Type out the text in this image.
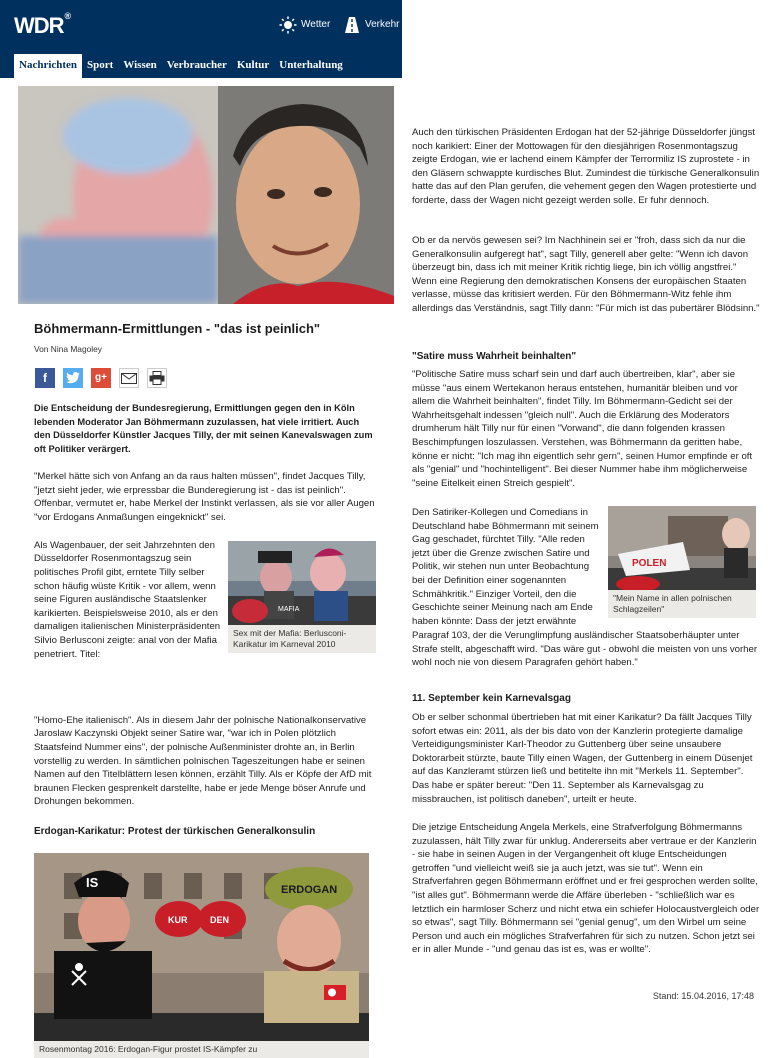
WDR®
Wetter	Verkehr
Nachrichten Sport Wissen Verbraucher Kultur Unterhaltung
Böhmermann-Ermittlungen - "das ist peinlich"
Von Nina Magoley
f	g+
Die Entscheidung der Bundesregierung, Ermittlungen gegen den in Köln lebenden Moderator Jan Böhmermann zuzulassen, hat viele irritiert. Auch den Düsseldorfer Künstler Jacques Tilly, der mit seinen Kanevalswagen zum oft Politiker verärgert.

"Merkel hätte sich von Anfang an da raus halten müssen", findet Jacques Tilly, "jetzt sieht jeder, wie erpressbar die Bunderegierung ist - das ist peinlich". Offenbar, vermutet er, habe Merkel der Instinkt verlassen, als sie vor aller Augen "vor Erdogans Anmaßungen eingeknickt" sei.

Als Wagenbauer, der seit Jahrzehnten den Düsseldorfer Rosenmontagszug sein politisches Profil gibt, erntete Tilly selber schon häufig wüste Kritik - vor allem, wenn seine Figuren ausländische Staatslenker karikierten. Beispielsweise 2010, als er den damaligen italienischen Ministerpräsidenten Silvio Berlusconi zeigte: anal von der Mafia penetriert. Titel:

MAFIA
Sex mit der Mafia: Berlusconi-Karikatur im Karneval 2010

"Homo-Ehe italienisch". Als in diesem Jahr der polnische Nationalkonservative Jaroslaw Kaczynski Objekt seiner Satire war, "war ich in Polen plötzlich Staatsfeind Nummer eins", der polnische Außenminister drohte an, in Berlin vorstellig zu werden. In sämtlichen polnischen Tageszeitungen habe er seinen Namen auf den Titelblättern lesen können, erzählt Tilly. Als er Köpfe der AfD mit braunen Flecken gesprenkelt darstellte, habe er jede Menge böser Anrufe und Drohungen bekommen.

Erdogan-Karikatur: Protest der türkischen Generalkonsulin
IS
KUR	DEN
ERDOGAN
Rosenmontag 2016: Erdogan-Figur prostet IS-Kämpfer zu

Auch den türkischen Präsidenten Erdogan hat der 52-jährige Düsseldorfer jüngst noch karikiert: Einer der Mottowagen für den diesjährigen Rosenmontagszug zeigte Erdogan, wie er lachend einem Kämpfer der Terrormiliz IS zuprostete - in den Gläsern schwappte kurdisches Blut. Zumindest die türkische Generalkonsulin hatte das auf den Plan gerufen, die vehement gegen den Wagen protestierte und forderte, dass der Wagen nicht gezeigt werden solle. Er fuhr dennoch.

Ob er da nervös gewesen sei? Im Nachhinein sei er "froh, dass sich da nur die Generalkonsulin aufgeregt hat", sagt Tilly, generell aber gelte: "Wenn ich davon überzeugt bin, dass ich mit meiner Kritik richtig liege, bin ich völlig angstfrei." Wenn eine Regierung den demokratischen Konsens der europäischen Staaten verlasse, müsse das kritisiert werden. Für den Böhmermann-Witz fehle ihm allerdings das Verständnis, sagt Tilly dann: "Für mich ist das pubertärer Blödsinn."

"Satire muss Wahrheit beinhalten"

"Politische Satire muss scharf sein und darf auch übertreiben, klar", aber sie müsse "aus einem Wertekanon heraus entstehen, humanitär bleiben und vor allem die Wahrheit beinhalten", findet Tilly. Im Böhmermann-Gedicht sei der Wahrheitsgehalt indessen "gleich null". Auch die Erklärung des Moderators drumherum hält Tilly nur für einen "Vorwand", die dann folgenden krassen Beschimpfungen loszulassen. Verstehen, was Böhmermann da geritten habe, könne er nicht: "Ich mag ihn eigentlich sehr gern", seinen Humor empfinde er oft als "genial" und "hochintelligent". Bei dieser Nummer habe ihm möglicherweise "seine Eitelkeit einen Streich gespielt".

Den Satiriker-Kollegen und Comedians in Deutschland habe Böhmermann mit seinem Gag geschadet, fürchtet Tilly. "Alle reden jetzt über die Grenze zwischen Satire und Politik, wir stehen nun unter Beobachtung bei der Definition einer sogenannten Schmähkritik." Einziger Vorteil, den die Geschichte seiner Meinung nach am Ende haben könnte: Dass der jetzt erwähnte

POLEN
"Mein Name in allen polnischen Schlagzeilen"

Paragraf 103, der die Verunglimpfung ausländischer Staatsoberhäupter unter Strafe stellt, abgeschafft wird. "Das wäre gut - obwohl die meisten von uns vorher wohl noch nie von diesem Paragrafen gehört haben."

11. September kein Karnevalsgag

Ob er selber schonmal übertrieben hat mit einer Karikatur? Da fällt Jacques Tilly sofort etwas ein: 2011, als der bis dato von der Kanzlerin protegierte damalige Verteidigungsminister Karl-Theodor zu Guttenberg über seine unsaubere Doktorarbeit stürzte, baute Tilly einen Wagen, der Guttenberg in einem Düsenjet auf das Kanzleramt stürzen ließ und betitelte ihn mit "Merkels 11. September". Das habe er später bereut: "Den 11. September als Karnevalsgag zu missbrauchen, ist politisch daneben", urteilt er heute.

Die jetzige Entscheidung Angela Merkels, eine Strafverfolgung Böhmermanns zuzulassen, hält Tilly zwar für unklug. Andererseits aber vertraue er der Kanzlerin - sie habe in seinen Augen in der Vergangenheit oft kluge Entscheidungen getroffen "und vielleicht weiß sie ja auch jetzt, was sie tut". Wenn ein Strafverfahren gegen Böhmermann eröffnet und er frei gesprochen werden sollte, "ist alles gut". Böhmermann werde die Affäre überleben - "schließlich war es letztlich ein harmloser Scherz und nicht etwa ein schiefer Holocaustvergleich oder so etwas", sagt Tilly. Böhmermann sei "genial genug", um den Wirbel um seine Person und auch ein mögliches Strafverfahren für sich zu nutzen. Schon jetzt sei er in aller Munde - "und genau das ist es, was er wollte".

Stand: 15.04.2016, 17:48
